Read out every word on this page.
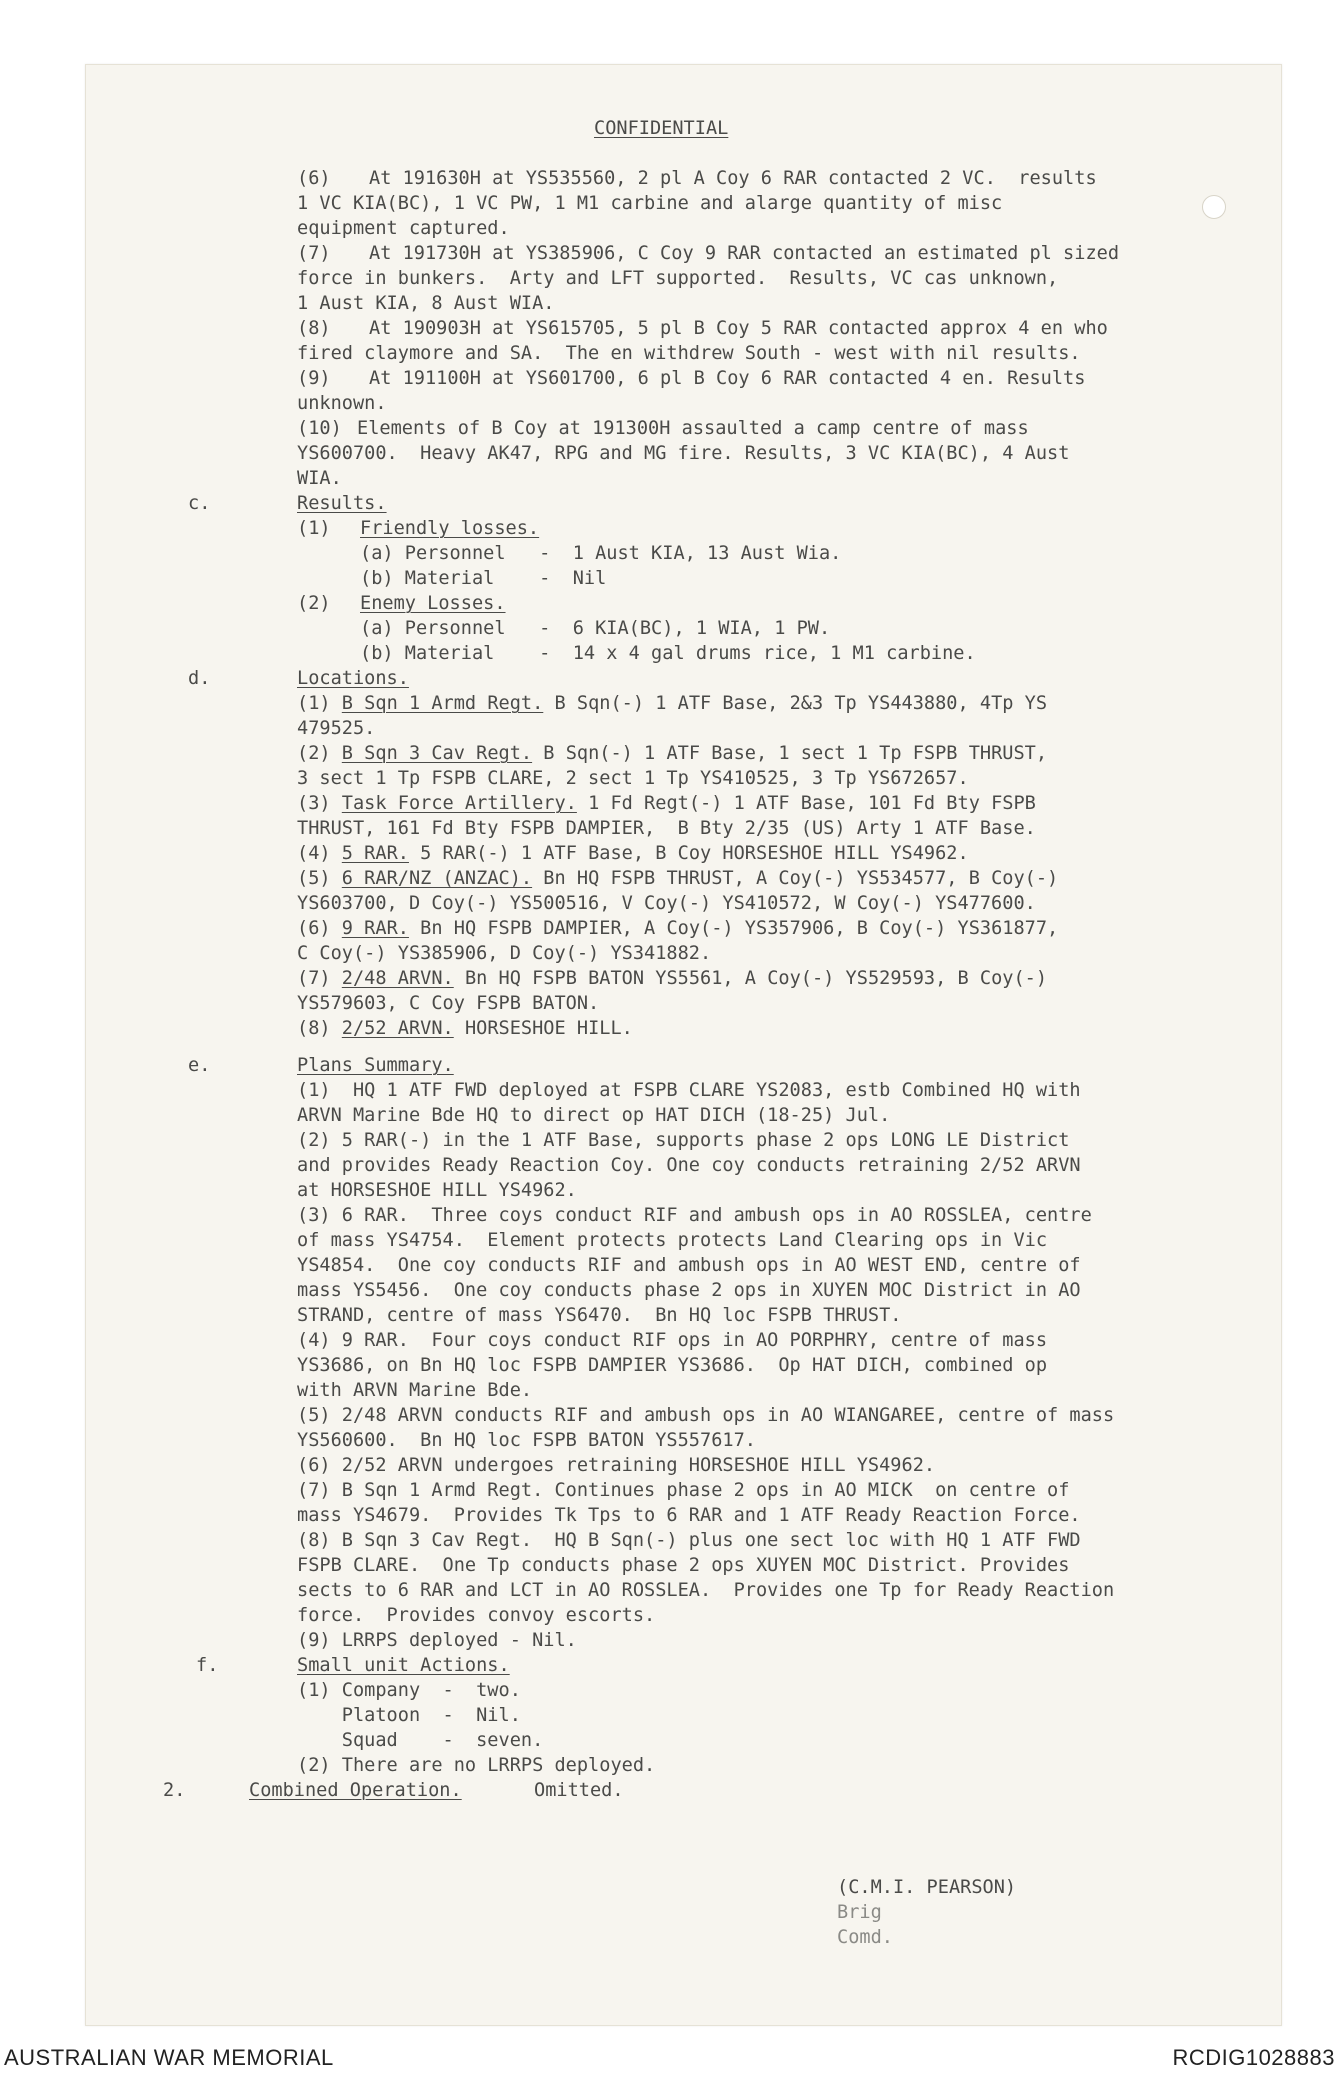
CONFIDENTIAL
(6) At 191630H at YS535560, 2 pl A Coy 6 RAR contacted 2 VC.  results
1 VC KIA(BC), 1 VC PW, 1 M1 carbine and alarge quantity of misc
equipment captured.
(7) At 191730H at YS385906, C Coy 9 RAR contacted an estimated pl sized
force in bunkers.  Arty and LFT supported.  Results, VC cas unknown,
1 Aust KIA, 8 Aust WIA.
(8) At 190903H at YS615705, 5 pl B Coy 5 RAR contacted approx 4 en who
fired claymore and SA.  The en withdrew South - west with nil results.
(9) At 191100H at YS601700, 6 pl B Coy 6 RAR contacted 4 en. Results
unknown.
(10) Elements of B Coy at 191300H assaulted a camp centre of mass
YS600700.  Heavy AK47, RPG and MG fire. Results, 3 VC KIA(BC), 4 Aust
WIA.
c.	Results.
(1) Friendly losses.
(a) Personnel   -  1 Aust KIA, 13 Aust Wia.
(b) Material    -  Nil
(2) Enemy Losses.
(a) Personnel   -  6 KIA(BC), 1 WIA, 1 PW.
(b) Material    -  14 x 4 gal drums rice, 1 M1 carbine.
d.	Locations.
(1) B Sqn 1 Armd Regt. B Sqn(-) 1 ATF Base, 2&3 Tp YS443880, 4Tp YS
479525.
(2) B Sqn 3 Cav Regt. B Sqn(-) 1 ATF Base, 1 sect 1 Tp FSPB THRUST,
3 sect 1 Tp FSPB CLARE, 2 sect 1 Tp YS410525, 3 Tp YS672657.
(3) Task Force Artillery. 1 Fd Regt(-) 1 ATF Base, 101 Fd Bty FSPB
THRUST, 161 Fd Bty FSPB DAMPIER,  B Bty 2/35 (US) Arty 1 ATF Base.
(4) 5 RAR. 5 RAR(-) 1 ATF Base, B Coy HORSESHOE HILL YS4962.
(5) 6 RAR/NZ (ANZAC). Bn HQ FSPB THRUST, A Coy(-) YS534577, B Coy(-)
YS603700, D Coy(-) YS500516, V Coy(-) YS410572, W Coy(-) YS477600.
(6) 9 RAR. Bn HQ FSPB DAMPIER, A Coy(-) YS357906, B Coy(-) YS361877,
C Coy(-) YS385906, D Coy(-) YS341882.
(7) 2/48 ARVN. Bn HQ FSPB BATON YS5561, A Coy(-) YS529593, B Coy(-)
YS579603, C Coy FSPB BATON.
(8) 2/52 ARVN. HORSESHOE HILL.
e.	Plans Summary.
(1)  HQ 1 ATF FWD deployed at FSPB CLARE YS2083, estb Combined HQ with
ARVN Marine Bde HQ to direct op HAT DICH (18-25) Jul.
(2) 5 RAR(-) in the 1 ATF Base, supports phase 2 ops LONG LE District
and provides Ready Reaction Coy. One coy conducts retraining 2/52 ARVN
at HORSESHOE HILL YS4962.
(3) 6 RAR.  Three coys conduct RIF and ambush ops in AO ROSSLEA, centre
of mass YS4754.  Element protects protects Land Clearing ops in Vic
YS4854.  One coy conducts RIF and ambush ops in AO WEST END, centre of
mass YS5456.  One coy conducts phase 2 ops in XUYEN MOC District in AO
STRAND, centre of mass YS6470.  Bn HQ loc FSPB THRUST.
(4) 9 RAR.  Four coys conduct RIF ops in AO PORPHRY, centre of mass
YS3686, on Bn HQ loc FSPB DAMPIER YS3686.  Op HAT DICH, combined op
with ARVN Marine Bde.
(5) 2/48 ARVN conducts RIF and ambush ops in AO WIANGAREE, centre of mass
YS560600.  Bn HQ loc FSPB BATON YS557617.
(6) 2/52 ARVN undergoes retraining HORSESHOE HILL YS4962.
(7) B Sqn 1 Armd Regt. Continues phase 2 ops in AO MICK  on centre of
mass YS4679.  Provides Tk Tps to 6 RAR and 1 ATF Ready Reaction Force.
(8) B Sqn 3 Cav Regt.  HQ B Sqn(-) plus one sect loc with HQ 1 ATF FWD
FSPB CLARE.  One Tp conducts phase 2 ops XUYEN MOC District. Provides
sects to 6 RAR and LCT in AO ROSSLEA.  Provides one Tp for Ready Reaction
force.  Provides convoy escorts.
(9) LRRPS deployed - Nil.
f.	Small unit Actions.
(1) Company  -  two.
Platoon  -  Nil.
Squad    -  seven.
(2) There are no LRRPS deployed.
2.	Combined Operation.	Omitted.
(C.M.I. PEARSON)
Brig
Comd.
AUSTRALIAN WAR MEMORIAL	RCDIG1028883
